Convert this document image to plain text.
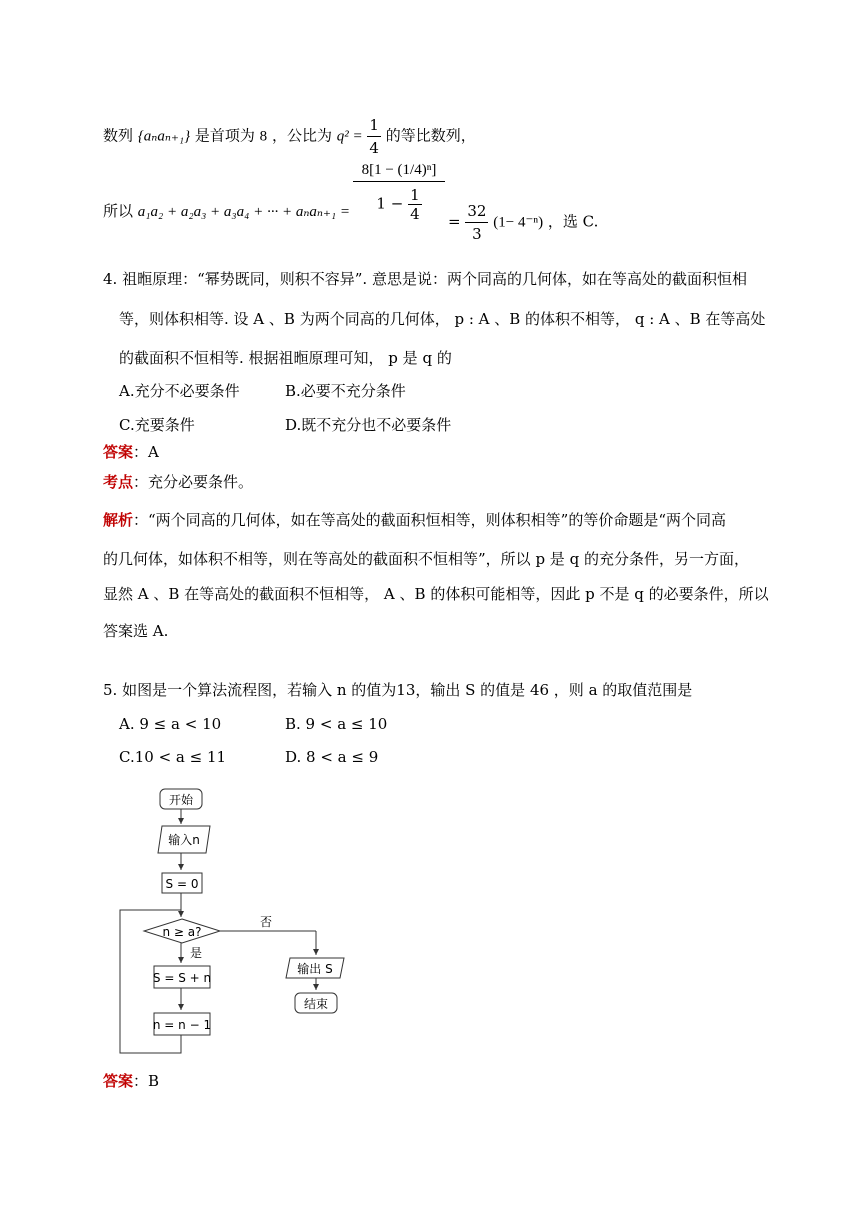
数列 {aₙaₙ₊₁} 是首项为 8 ，公比为 $q^2 = \frac{1}{4}$ 的等比数列，
所以 a₁a₂ + a₂a₃ + a₃a₄ + ··· + $a_na_{n+1} = \frac{\text{8[1 − (1/4)ⁿ]}}{1 - \frac{1}{4}} = \frac{32}{3} (1- 4^{-n})$ ，选 C.
4. 祖暅原理：“幂势既同，则积不容异”. 意思是说：两个同高的几何体，如在等高处的截面积恒相
等，则体积相等. 设 A 、B 为两个同高的几何体， p : A 、B 的体积不相等， q : A 、B 在等高处
的截面积不恒相等. 根据祖暅原理可知， p 是 q 的
A.充分不必要条件	B.必要不充分条件
C.充要条件	D.既不充分也不必要条件
答案：A
考点：充分必要条件。
解析：“两个同高的几何体，如在等高处的截面积恒相等，则体积相等”的等价命题是“两个同高
的几何体，如体积不相等，则在等高处的截面积不恒相等”，所以 p 是 q 的充分条件，另一方面，
显然 A 、B 在等高处的截面积不恒相等， A 、B 的体积可能相等，因此 p 不是 q 的必要条件，所以
答案选 A.
5. 如图是一个算法流程图，若输入 n 的值为13，输出 S 的值是 46 ，则 a 的取值范围是
A. 9 ≤ a < 10	B. 9 < a ≤ 10
C.10 < a ≤ 11	D. 8 < a ≤ 9
开始
输入n
S = 0
n ≥ a?
是
否
S = S + n
n = n − 1
输出 S
结束
答案：B
